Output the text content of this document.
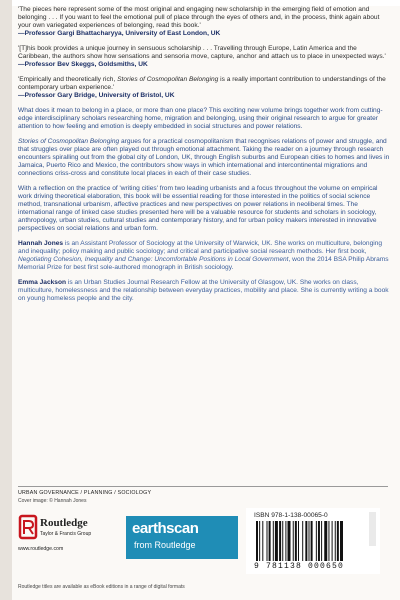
'The pieces here represent some of the most original and engaging new scholarship in the emerging field of emotion and belonging . . . If you want to feel the emotional pull of place through the eyes of others and, in the process, think again about your own variegated experiences of belonging, read this book.'
—Professor Gargi Bhattacharyya, University of East London, UK
'[T]his book provides a unique journey in sensuous scholarship . . . Travelling through Europe, Latin America and the Caribbean, the authors show how sensations and sensoria move, capture, anchor and attach us to place in unexpected ways.'
—Professor Bev Skeggs, Goldsmiths, UK
'Empirically and theoretically rich, Stories of Cosmopolitan Belonging is a really important contribution to understandings of the contemporary urban experience.'
—Professor Gary Bridge, University of Bristol, UK
What does it mean to belong in a place, or more than one place? This exciting new volume brings together work from cutting-edge interdisciplinary scholars researching home, migration and belonging, using their original research to argue for greater attention to how feeling and emotion is deeply embedded in social structures and power relations.
Stories of Cosmopolitan Belonging argues for a practical cosmopolitanism that recognises relations of power and struggle, and that struggles over place are often played out through emotional attachment. Taking the reader on a journey through research encounters spiralling out from the global city of London, UK, through English suburbs and European cities to homes and lives in Jamaica, Puerto Rico and Mexico, the contributors show ways in which international and intercontinental migrations and connections criss-cross and constitute local places in each of their case studies.
With a reflection on the practice of 'writing cities' from two leading urbanists and a focus throughout the volume on empirical work driving theoretical elaboration, this book will be essential reading for those interested in the politics of social science method, transnational urbanism, affective practices and new perspectives on power relations in neoliberal times. The international range of linked case studies presented here will be a valuable resource for students and scholars in sociology, anthropology, urban studies, cultural studies and contemporary history, and for urban policy makers interested in innovative perspectives on social relations and urban form.
Hannah Jones is an Assistant Professor of Sociology at the University of Warwick, UK. She works on multiculture, belonging and inequality; policy making and public sociology; and critical and participative social research methods. Her first book, Negotiating Cohesion, Inequality and Change: Uncomfortable Positions in Local Government, won the 2014 BSA Philip Abrams Memorial Prize for best first sole-authored monograph in British sociology.
Emma Jackson is an Urban Studies Journal Research Fellow at the University of Glasgow, UK. She works on class, multiculture, homelessness and the relationship between everyday practices, mobility and place. She is currently writing a book on young homeless people and the city.
URBAN GOVERNANCE / PLANNING / SOCIOLOGY
Cover image: © Hannah Jones
Routledge
Taylor & Francis Group
www.routledge.com
earthscan
from Routledge
ISBN 978-1-138-00065-0
9 781138 000650
Routledge titles are available as eBook editions in a range of digital formats
